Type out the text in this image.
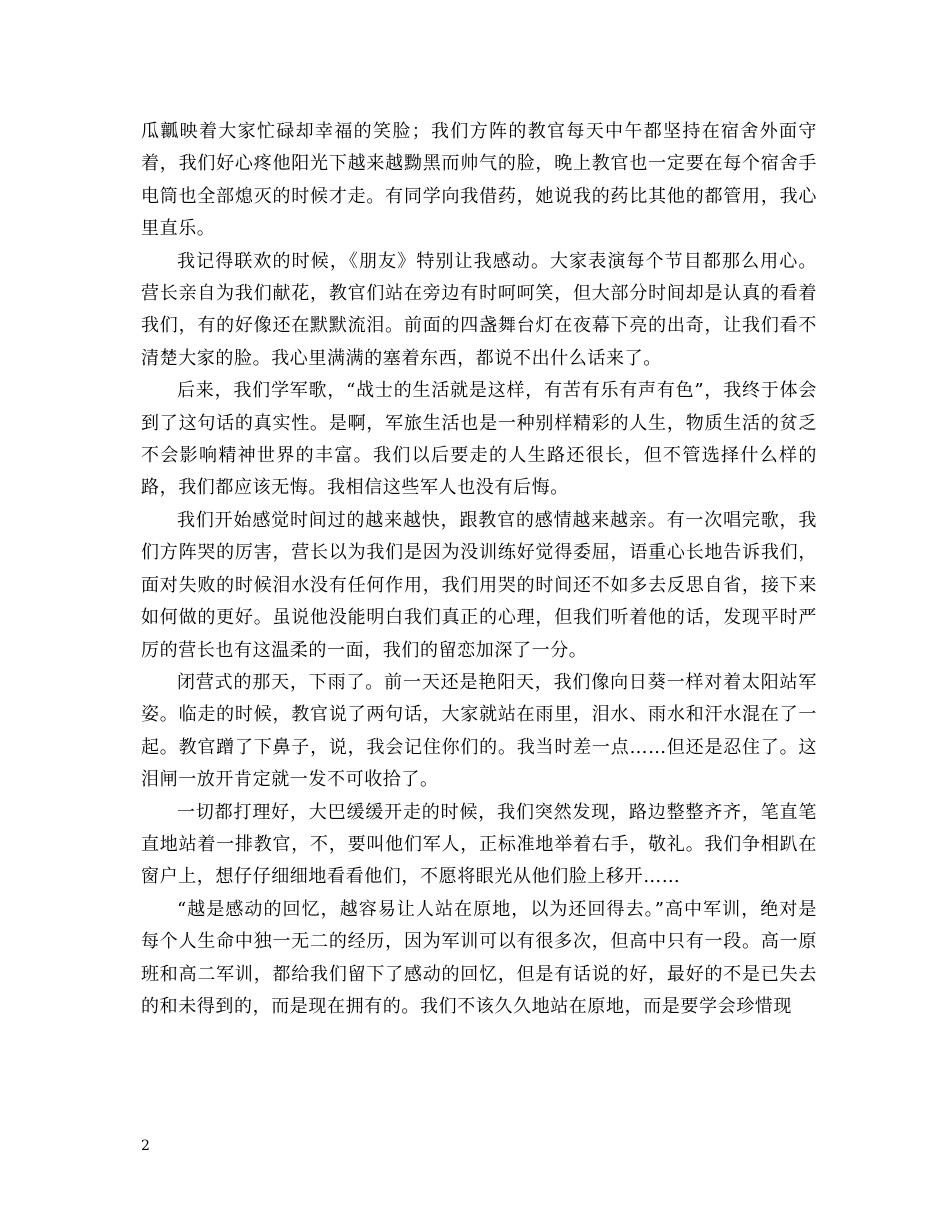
瓜瓤映着大家忙碌却幸福的笑脸；我们方阵的教官每天中午都坚持在宿舍外面守着，我们好心疼他阳光下越来越黝黑而帅气的脸，晚上教官也一定要在每个宿舍手电筒也全部熄灭的时候才走。有同学向我借药，她说我的药比其他的都管用，我心里直乐。

我记得联欢的时候，《朋友》特别让我感动。大家表演每个节目都那么用心。营长亲自为我们献花，教官们站在旁边有时呵呵笑，但大部分时间却是认真的看着我们，有的好像还在默默流泪。前面的四盏舞台灯在夜幕下亮的出奇，让我们看不清楚大家的脸。我心里满满的塞着东西，都说不出什么话来了。

后来，我们学军歌，“战士的生活就是这样，有苦有乐有声有色”，我终于体会到了这句话的真实性。是啊，军旅生活也是一种别样精彩的人生，物质生活的贫乏不会影响精神世界的丰富。我们以后要走的人生路还很长，但不管选择什么样的路，我们都应该无悔。我相信这些军人也没有后悔。

我们开始感觉时间过的越来越快，跟教官的感情越来越亲。有一次唱完歌，我们方阵哭的厉害，营长以为我们是因为没训练好觉得委屈，语重心长地告诉我们，面对失败的时候泪水没有任何作用，我们用哭的时间还不如多去反思自省，接下来如何做的更好。虽说他没能明白我们真正的心理，但我们听着他的话，发现平时严厉的营长也有这温柔的一面，我们的留恋加深了一分。

闭营式的那天，下雨了。前一天还是艳阳天，我们像向日葵一样对着太阳站军姿。临走的时候，教官说了两句话，大家就站在雨里，泪水、雨水和汗水混在了一起。教官蹭了下鼻子，说，我会记住你们的。我当时差一点……但还是忍住了。这泪闸一放开肯定就一发不可收拾了。

一切都打理好，大巴缓缓开走的时候，我们突然发现，路边整整齐齐，笔直笔直地站着一排教官，不，要叫他们军人，正标准地举着右手，敬礼。我们争相趴在窗户上，想仔仔细细地看看他们，不愿将眼光从他们脸上移开……

“越是感动的回忆，越容易让人站在原地，以为还回得去。”高中军训，绝对是每个人生命中独一无二的经历，因为军训可以有很多次，但高中只有一段。高一原班和高二军训，都给我们留下了感动的回忆，但是有话说的好，最好的不是已失去的和未得到的，而是现在拥有的。我们不该久久地站在原地，而是要学会珍惜现

2
